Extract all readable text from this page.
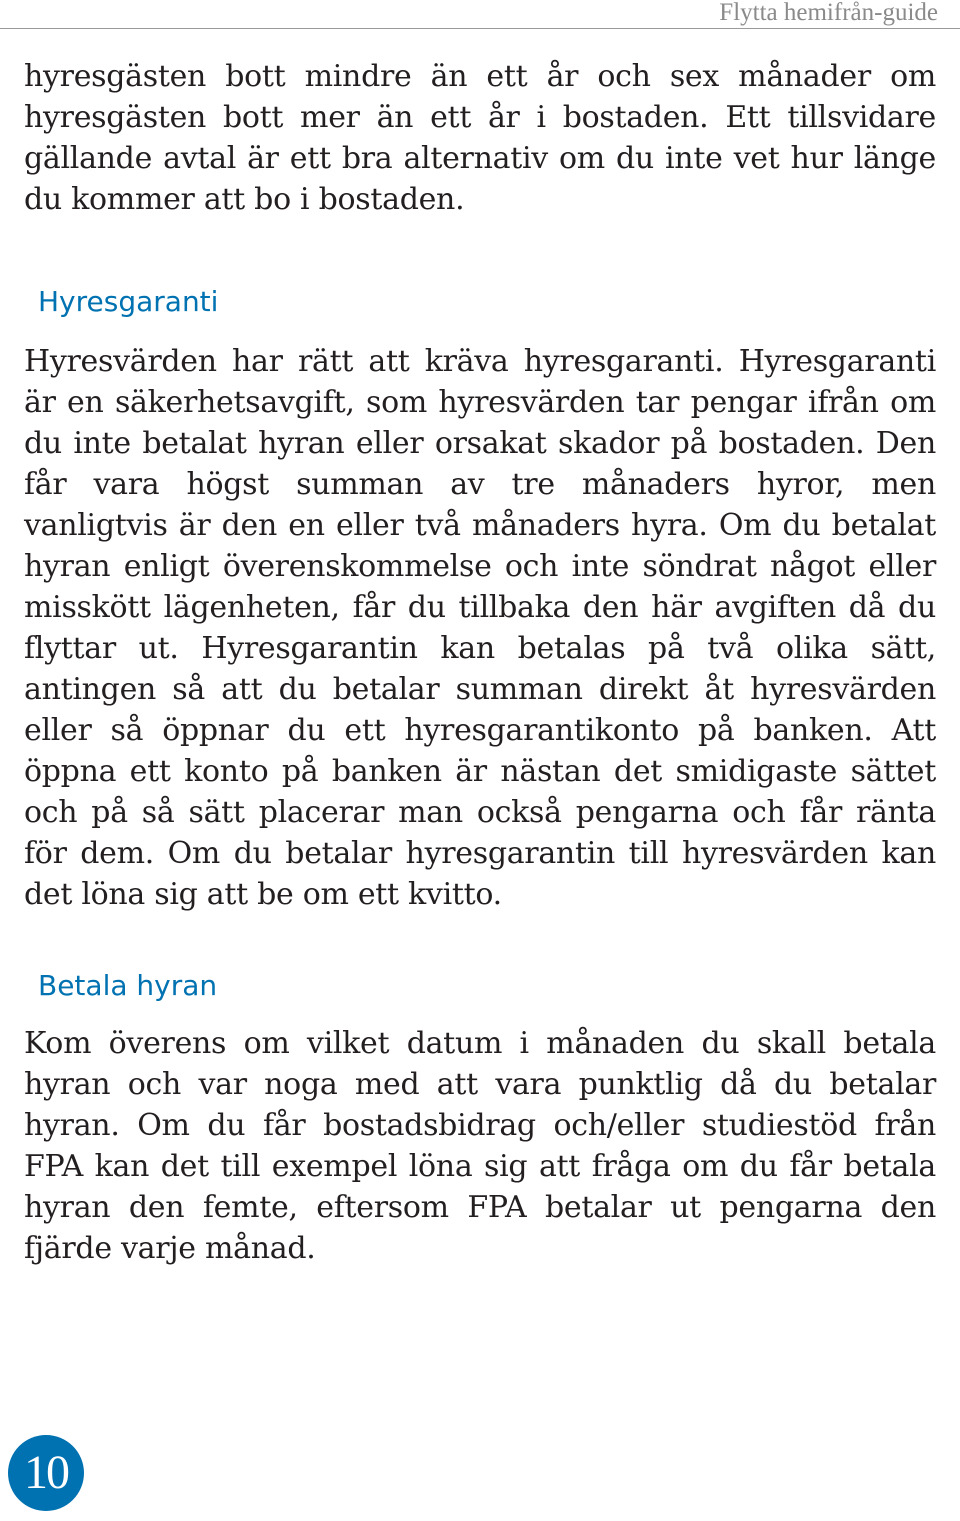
Flytta hemifrån-guide

hyresgästen bott mindre än ett år och sex månader om hyresgästen bott mer än ett år i bostaden. Ett tillsvidare gällande avtal är ett bra alternativ om du inte vet hur länge du kommer att bo i bostaden.

Hyresgaranti

Hyresvärden har rätt att kräva hyresgaranti. Hyresgaranti är en säkerhetsavgift, som hyresvärden tar pengar ifrån om du inte betalat hyran eller orsakat skador på bostaden. Den får vara högst summan av tre månaders hyror, men vanligtvis är den en eller två månaders hyra. Om du betalat hyran enligt överenskommelse och inte söndrat något eller misskött lägenheten, får du tillbaka den här avgiften då du flyttar ut. Hyresgarantin kan betalas på två olika sätt, antingen så att du betalar summan direkt åt hyresvärden eller så öppnar du ett hyresgarantikonto på banken. Att öppna ett konto på banken är nästan det smidigaste sättet och på så sätt placerar man också pengarna och får ränta för dem. Om du betalar hyresgarantin till hyresvärden kan det löna sig att be om ett kvitto.

Betala hyran

Kom överens om vilket datum i månaden du skall betala hyran och var noga med att vara punktlig då du betalar hyran. Om du får bostadsbidrag och/eller studiestöd från FPA kan det till exempel löna sig att fråga om du får betala hyran den femte, eftersom FPA betalar ut pengarna den fjärde varje månad.

10
